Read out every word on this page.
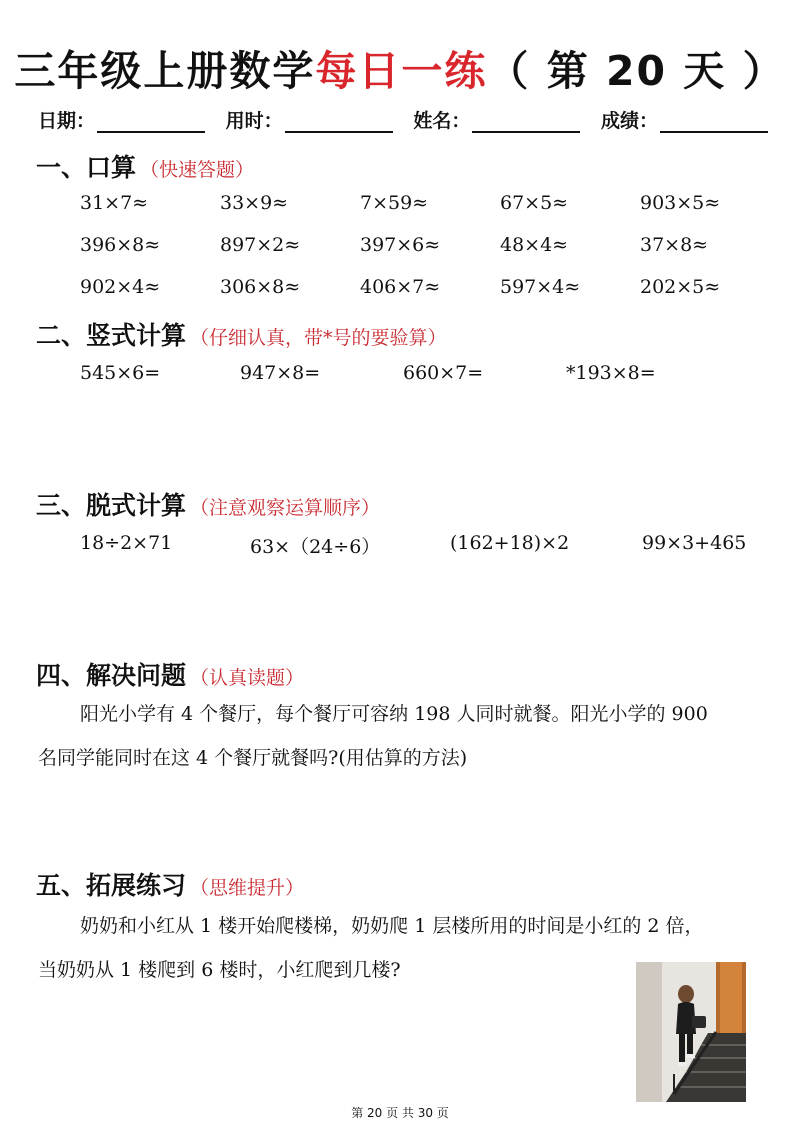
三年级上册数学每日一练（ 第 20 天 ）
日期：	用时：	姓名：	成绩：
一、口算 （快速答题）
31×7≈	33×9≈	7×59≈	67×5≈	903×5≈
396×8≈	897×2≈	397×6≈	48×4≈	37×8≈
902×4≈	306×8≈	406×7≈	597×4≈	202×5≈
二、竖式计算 （仔细认真，带*号的要验算）
545×6=	947×8=	660×7=	*193×8=
三、脱式计算 （注意观察运算顺序）
18÷2×71	63×（24÷6）	(162+18)×2	99×3+465
四、解决问题 （认真读题）
阳光小学有 4 个餐厅，每个餐厅可容纳 198 人同时就餐。阳光小学的 900
名同学能同时在这 4 个餐厅就餐吗?(用估算的方法)
五、拓展练习 （思维提升）
奶奶和小红从 1 楼开始爬楼梯，奶奶爬 1 层楼所用的时间是小红的 2 倍，
当奶奶从 1 楼爬到 6 楼时，小红爬到几楼?
第 20 页 共 30 页
